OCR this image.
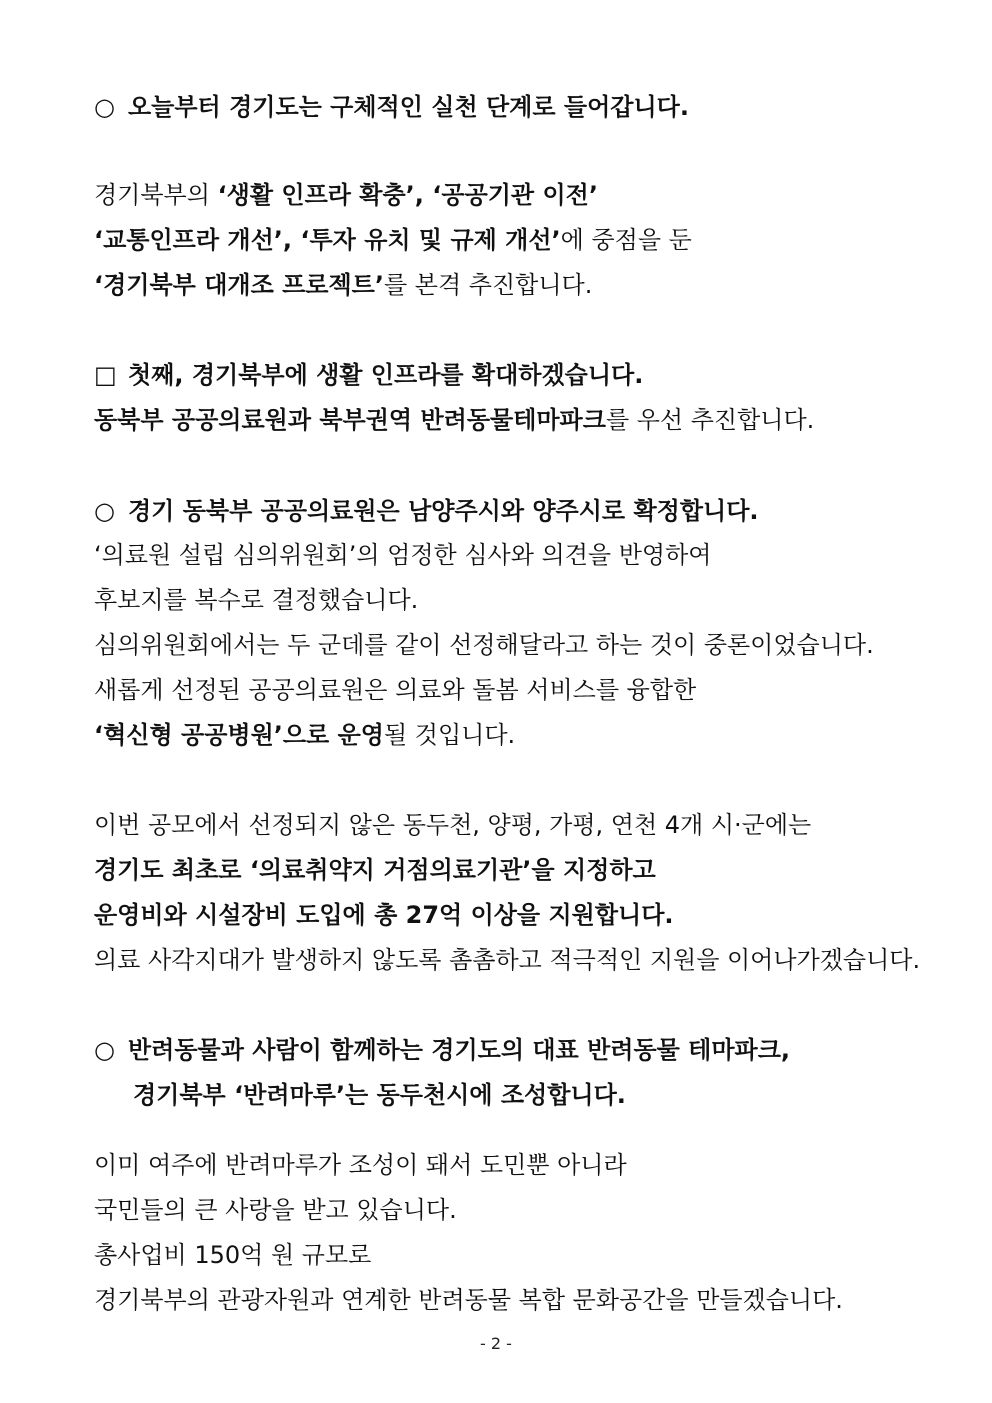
○ 오늘부터 경기도는 구체적인 실천 단계로 들어갑니다.
경기북부의 ‘생활 인프라 확충’, ‘공공기관 이전’
‘교통인프라 개선’, ‘투자 유치 및 규제 개선’에 중점을 둔
‘경기북부 대개조 프로젝트’를 본격 추진합니다.
□ 첫째, 경기북부에 생활 인프라를 확대하겠습니다.
동북부 공공의료원과 북부권역 반려동물테마파크를 우선 추진합니다.
○ 경기 동북부 공공의료원은 남양주시와 양주시로 확정합니다.
‘의료원 설립 심의위원회’의 엄정한 심사와 의견을 반영하여
후보지를 복수로 결정했습니다.
심의위원회에서는 두 군데를 같이 선정해달라고 하는 것이 중론이었습니다.
새롭게 선정된 공공의료원은 의료와 돌봄 서비스를 융합한
‘혁신형 공공병원’으로 운영될 것입니다.
이번 공모에서 선정되지 않은 동두천, 양평, 가평, 연천 4개 시·군에는
경기도 최초로 ‘의료취약지 거점의료기관’을 지정하고
운영비와 시설장비 도입에 총 27억 이상을 지원합니다.
의료 사각지대가 발생하지 않도록 촘촘하고 적극적인 지원을 이어나가겠습니다.
○ 반려동물과 사람이 함께하는 경기도의 대표 반려동물 테마파크,
경기북부 ‘반려마루’는 동두천시에 조성합니다.
이미 여주에 반려마루가 조성이 돼서 도민뿐 아니라
국민들의 큰 사랑을 받고 있습니다.
총사업비 150억 원 규모로
경기북부의 관광자원과 연계한 반려동물 복합 문화공간을 만들겠습니다.
- 2 -
